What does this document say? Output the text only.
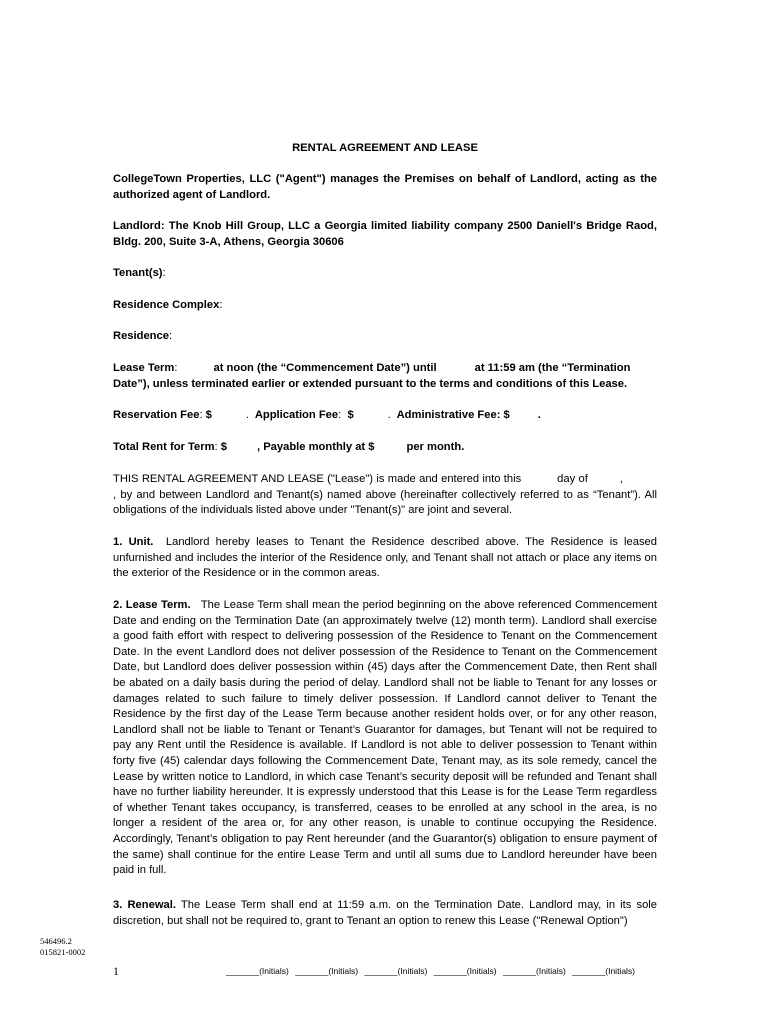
RENTAL AGREEMENT AND LEASE
CollegeTown Properties, LLC ("Agent") manages the Premises on behalf of Landlord, acting as the authorized agent of Landlord.
Landlord: The Knob Hill Group, LLC a Georgia limited liability company 2500 Daniell's Bridge Raod, Bldg. 200, Suite 3-A, Athens, Georgia 30606
Tenant(s):
Residence Complex:
Residence:
Lease Term:	at noon (the “Commencement Date”) until	at 11:59 am (the “Termination Date”), unless terminated earlier or extended pursuant to the terms and conditions of this Lease.
Reservation Fee: $	. Application Fee: $	. Administrative Fee: $	.
Total Rent for Term: $	, Payable monthly at $	per month.
THIS RENTAL AGREEMENT AND LEASE ("Lease") is made and entered into this	day of	,, by and between Landlord and Tenant(s) named above (hereinafter collectively referred to as “Tenant”). All obligations of the individuals listed above under "Tenant(s)" are joint and several.
1. Unit. Landlord hereby leases to Tenant the Residence described above. The Residence is leased unfurnished and includes the interior of the Residence only, and Tenant shall not attach or place any items on the exterior of the Residence or in the common areas.
2. Lease Term. The Lease Term shall mean the period beginning on the above referenced Commencement Date and ending on the Termination Date (an approximately twelve (12) month term). Landlord shall exercise a good faith effort with respect to delivering possession of the Residence to Tenant on the Commencement Date. In the event Landlord does not deliver possession of the Residence to Tenant on the Commencement Date, but Landlord does deliver possession within (45) days after the Commencement Date, then Rent shall be abated on a daily basis during the period of delay. Landlord shall not be liable to Tenant for any losses or damages related to such failure to timely deliver possession. If Landlord cannot deliver to Tenant the Residence by the first day of the Lease Term because another resident holds over, or for any other reason, Landlord shall not be liable to Tenant or Tenant’s Guarantor for damages, but Tenant will not be required to pay any Rent until the Residence is available. If Landlord is not able to deliver possession to Tenant within forty five (45) calendar days following the Commencement Date, Tenant may, as its sole remedy, cancel the Lease by written notice to Landlord, in which case Tenant’s security deposit will be refunded and Tenant shall have no further liability hereunder. It is expressly understood that this Lease is for the Lease Term regardless of whether Tenant takes occupancy, is transferred, ceases to be enrolled at any school in the area, is no longer a resident of the area or, for any other reason, is unable to continue occupying the Residence. Accordingly, Tenant’s obligation to pay Rent hereunder (and the Guarantor(s) obligation to ensure payment of the same) shall continue for the entire Lease Term and until all sums due to Landlord hereunder have been paid in full.
3. Renewal. The Lease Term shall end at 11:59 a.m. on the Termination Date. Landlord may, in its sole discretion, but shall not be required to, grant to Tenant an option to renew this Lease ("Renewal Option")
546496.2
015821-0002
1	_______(Initials) _______(Initials) _______(Initials) _______(Initials) _______(Initials) _______(Initials)
